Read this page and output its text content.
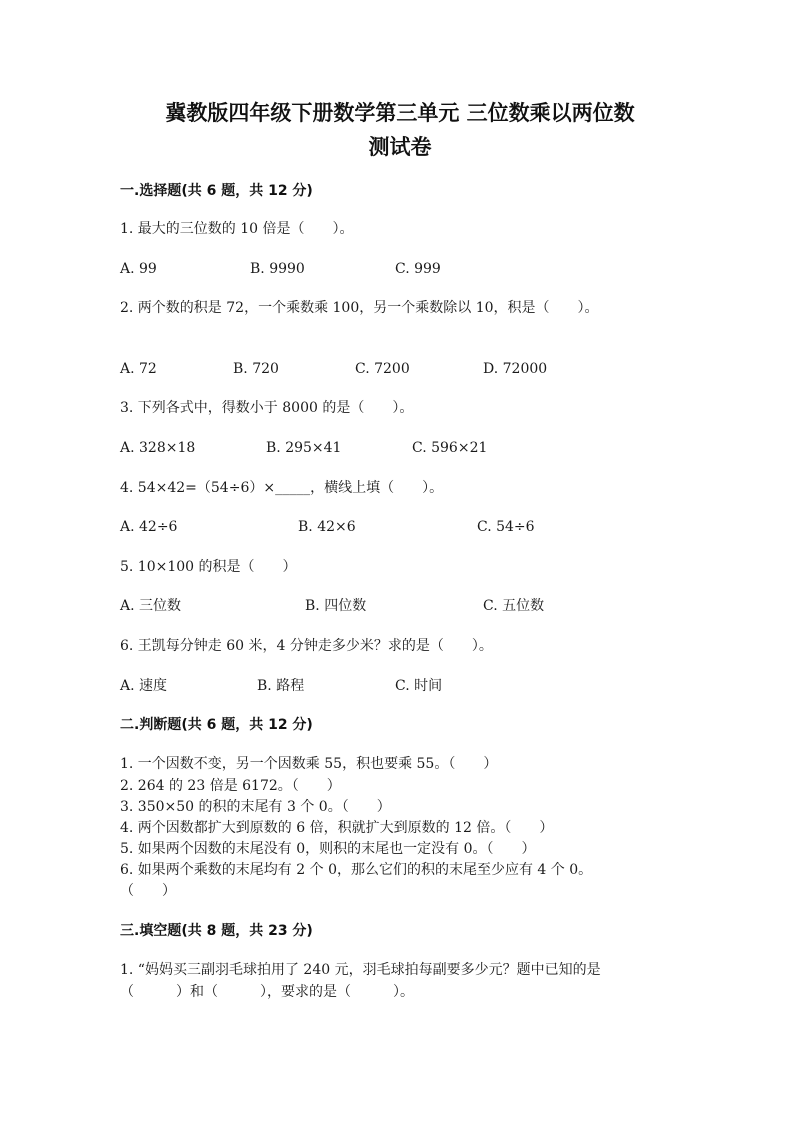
冀教版四年级下册数学第三单元 三位数乘以两位数
测试卷
一.选择题(共 6 题，共 12 分)
1. 最大的三位数的 10 倍是（　　）。
A. 99	B. 9990	C. 999
2. 两个数的积是 72，一个乘数乘 100，另一个乘数除以 10，积是（　　）。
A. 72	B. 720	C. 7200	D. 72000
3. 下列各式中，得数小于 8000 的是（　　）。
A. 328×18	B. 295×41	C. 596×21
4. 54×42=（54÷6）×_____，横线上填（　　）。
A. 42÷6	B. 42×6	C. 54÷6
5. 10×100 的积是（　　）
A. 三位数	B. 四位数	C. 五位数
6. 王凯每分钟走 60 米，4 分钟走多少米？求的是（　　）。
A. 速度	B. 路程	C. 时间
二.判断题(共 6 题，共 12 分)
1. 一个因数不变，另一个因数乘 55，积也要乘 55。（　　）
2. 264 的 23 倍是 6172。（　　）
3. 350×50 的积的末尾有 3 个 0。（　　）
4. 两个因数都扩大到原数的 6 倍，积就扩大到原数的 12 倍。（　　）
5. 如果两个因数的末尾没有 0，则积的末尾也一定没有 0。（　　）
6. 如果两个乘数的末尾均有 2 个 0，那么它们的积的末尾至少应有 4 个 0。
（　　）
三.填空题(共 8 题，共 23 分)
1. “妈妈买三副羽毛球拍用了 240 元，羽毛球拍每副要多少元？题中已知的是
（　　　）和（　　　），要求的是（　　　）。
